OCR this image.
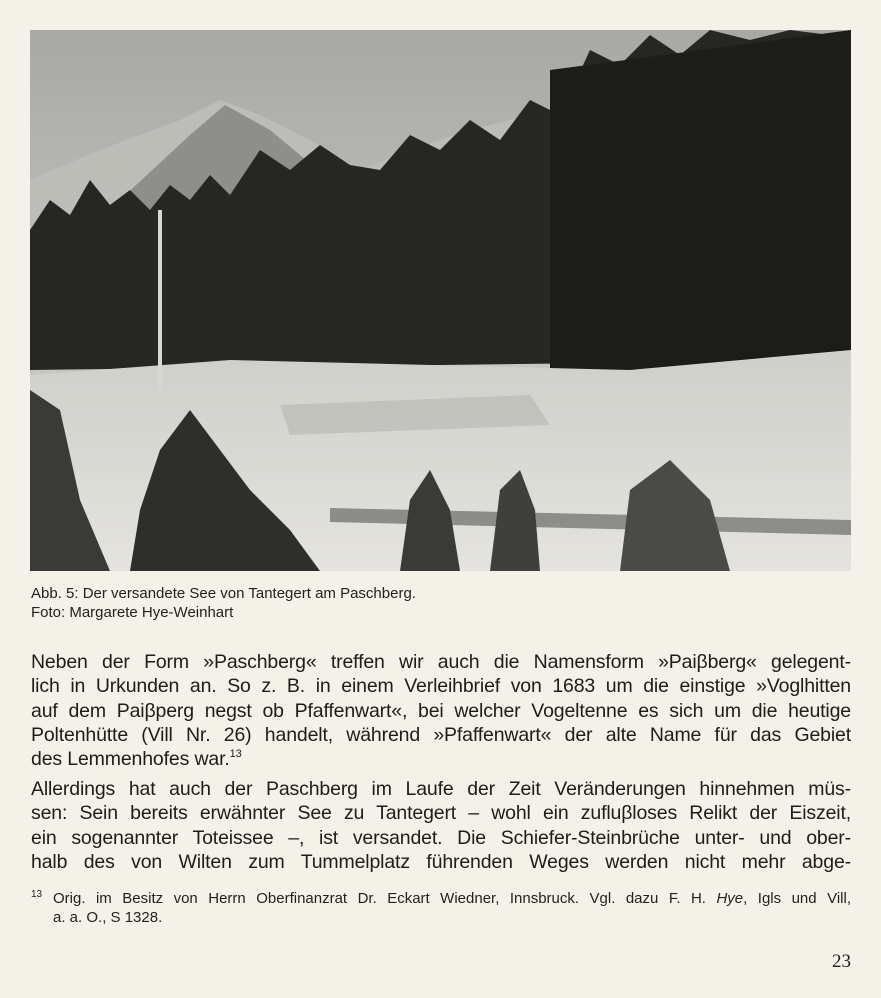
Abb. 5: Der versandete See von Tantegert am Paschberg.
Foto: Margarete Hye-Weinhart
Neben der Form »Paschberg« treffen wir auch die Namensform »Paiβberg« gelegent-
lich in Urkunden an. So z. B. in einem Verleihbrief von 1683 um die einstige »Voglhitten
auf dem Paiβperg negst ob Pfaffenwart«, bei welcher Vogeltenne es sich um die heutige
Poltenhütte (Vill Nr. 26) handelt, während »Pfaffenwart« der alte Name für das Gebiet
des Lemmenhofes war.$^{13}$
Allerdings hat auch der Paschberg im Laufe der Zeit Veränderungen hinnehmen müs-
sen: Sein bereits erwähnter See zu Tantegert – wohl ein zufluβloses Relikt der Eiszeit,
ein sogenannter Toteissee –, ist versandet. Die Schiefer-Steinbrüche unter- und ober-
halb des von Wilten zum Tummelplatz führenden Weges werden nicht mehr abge-
13 Orig. im Besitz von Herrn Oberfinanzrat Dr. Eckart Wiedner, Innsbruck. Vgl. dazu F. H. Hye, Igls und Vill,
a. a. O., S 1328.
23
